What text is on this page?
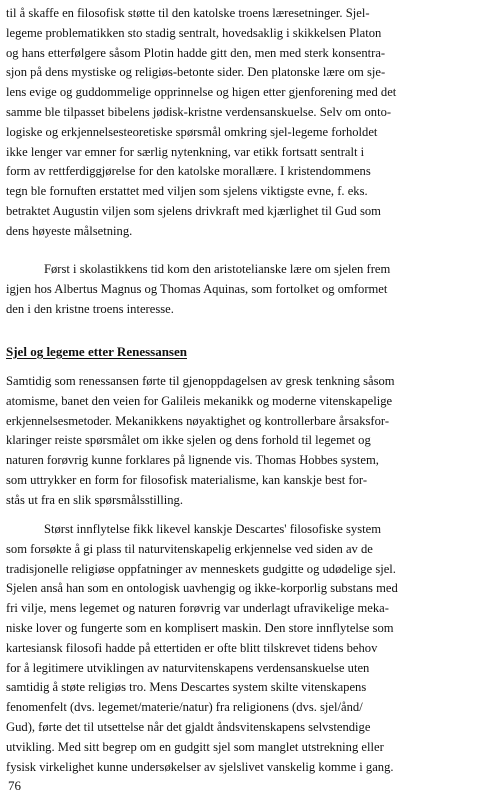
til å skaffe en filosofisk støtte til den katolske troens læresetninger. Sjel-
legeme problematikken sto stadig sentralt, hovedsaklig i skikkelsen Platon
og hans etterfølgere såsom Plotin hadde gitt den, men med sterk konsentra-
sjon på dens mystiske og religiøs-betonte sider. Den platonske lære om sje-
lens evige og guddommelige opprinnelse og higen etter gjenforening med det
samme ble tilpasset bibelens jødisk-kristne verdensanskuelse. Selv om onto-
logiske og erkjennelsesteoretiske spørsmål omkring sjel-legeme forholdet
ikke lenger var emner for særlig nytenkning, var etikk fortsatt sentralt i
form av rettferdiggjørelse for den katolske morallære. I kristendommens
tegn ble fornuften erstattet med viljen som sjelens viktigste evne, f. eks.
betraktet Augustin viljen som sjelens drivkraft med kjærlighet til Gud som
dens høyeste målsetning.

Først i skolastikkens tid kom den aristotelianske lære om sjelen frem
igjen hos Albertus Magnus og Thomas Aquinas, som fortolket og omformet
den i den kristne troens interesse.

Sjel og legeme etter Renessansen

Samtidig som renessansen førte til gjenoppdagelsen av gresk tenkning såsom
atomisme, banet den veien for Galileis mekanikk og moderne vitenskapelige
erkjennelsesmetoder. Mekanikkens nøyaktighet og kontrollerbare årsaksfor-
klaringer reiste spørsmålet om ikke sjelen og dens forhold til legemet og
naturen forøvrig kunne forklares på lignende vis. Thomas Hobbes system,
som uttrykker en form for filosofisk materialisme, kan kanskje best for-
stås ut fra en slik spørsmålsstilling.

Størst innflytelse fikk likevel kanskje Descartes' filosofiske system
som forsøkte å gi plass til naturvitenskapelig erkjennelse ved siden av de
tradisjonelle religiøse oppfatninger av menneskets gudgitte og udødelige sjel.
Sjelen anså han som en ontologisk uavhengig og ikke-korporlig substans med
fri vilje, mens legemet og naturen forøvrig var underlagt ufravikelige meka-
niske lover og fungerte som en komplisert maskin. Den store innflytelse som
kartesiansk filosofi hadde på ettertiden er ofte blitt tilskrevet tidens behov
for å legitimere utviklingen av naturvitenskapens verdensanskuelse uten
samtidig å støte religiøs tro. Mens Descartes system skilte vitenskapens
fenomenfelt (dvs. legemet/materie/natur) fra religionens (dvs. sjel/ånd/
Gud), førte det til utsettelse når det gjaldt åndsvitenskapens selvstendige
utvikling. Med sitt begrep om en gudgitt sjel som manglet utstrekning eller
fysisk virkelighet kunne undersøkelser av sjelslivet vanskelig komme i gang.

76
